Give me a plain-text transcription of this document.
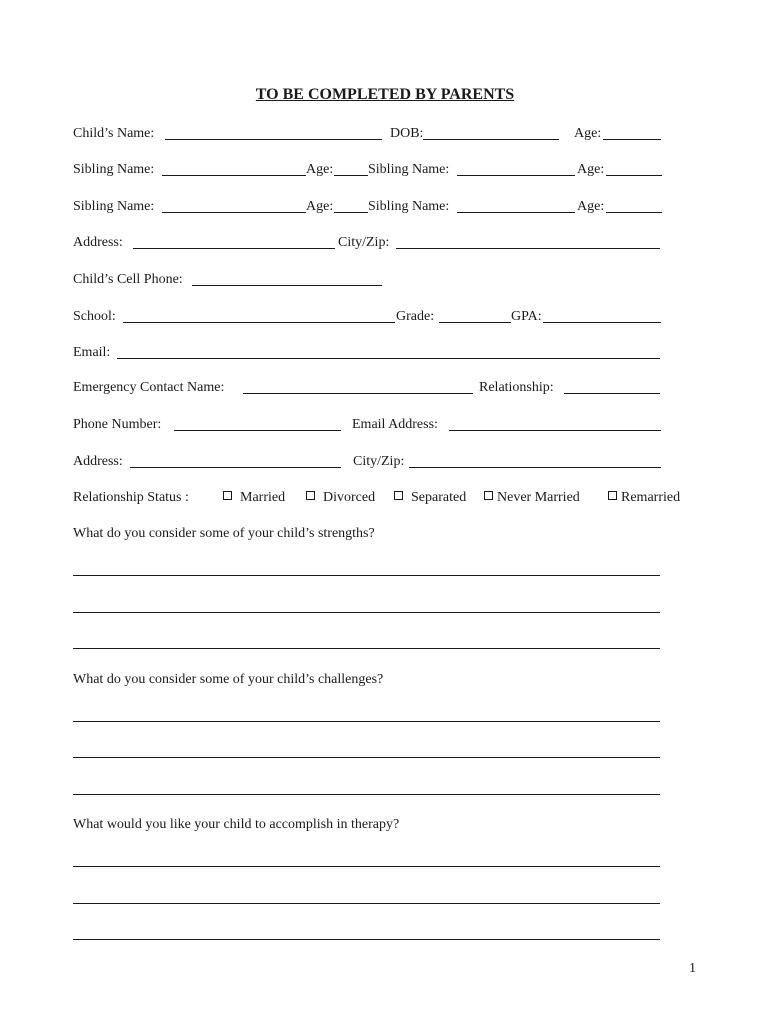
TO BE COMPLETED BY PARENTS
Child’s Name:	DOB:	Age:
Sibling Name:	Age: Sibling Name:	Age:
Sibling Name:	Age: Sibling Name:	Age:
Address:	City/Zip:
Child’s Cell Phone:
School:	Grade:	GPA:
Email:
Emergency Contact Name:	Relationship:
Phone Number:	Email Address:
Address:	City/Zip:
Relationship Status :	Married	Divorced	Separated	Never Married	Remarried
What do you consider some of your child’s strengths?
What do you consider some of your child’s challenges?
What would you like your child to accomplish in therapy?
1
